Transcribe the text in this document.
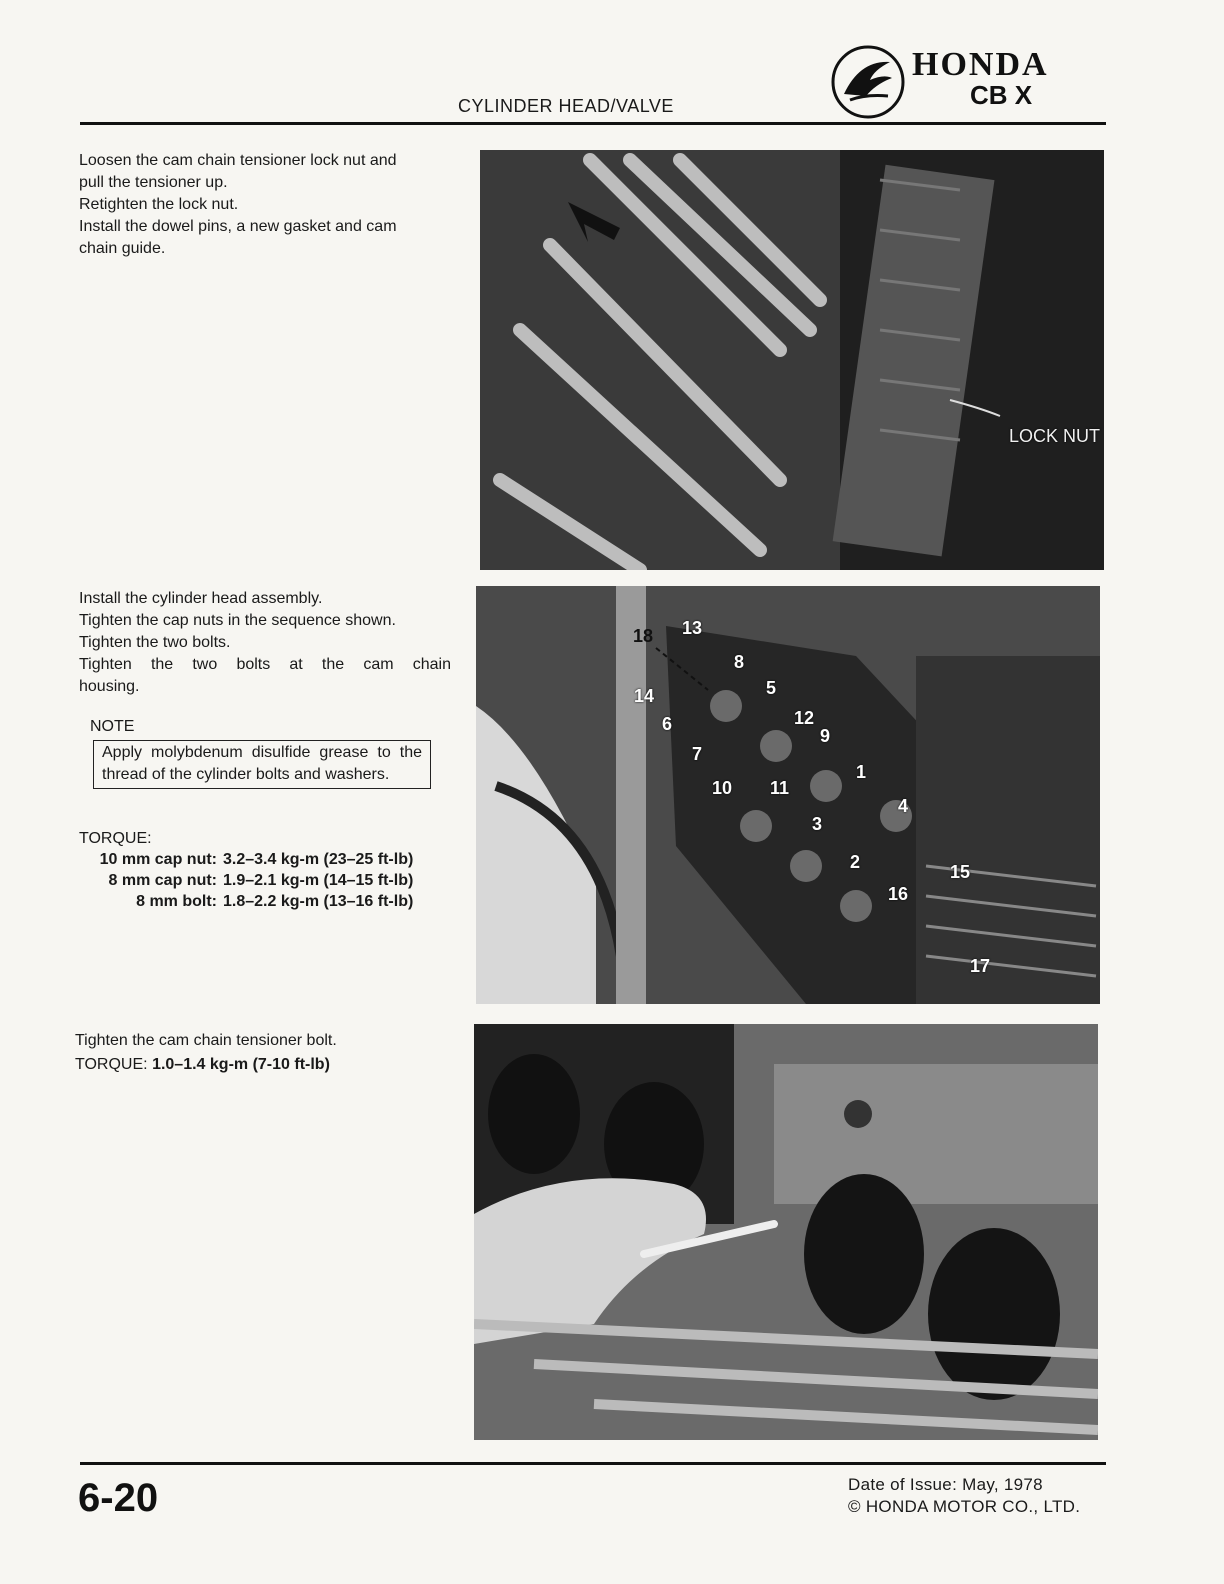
CYLINDER HEAD/VALVE
HONDA
CB X
Loosen the cam chain tensioner lock nut and
pull the tensioner up.
Retighten the lock nut.
Install the dowel pins, a new gasket and cam
chain guide.
LOCK NUT
Install the cylinder head assembly.
Tighten the cap nuts in the sequence shown.
Tighten the two bolts.
Tighten the two bolts at the cam chain
housing.
NOTE
Apply molybdenum disulfide grease to the thread of the cylinder bolts and washers.
TORQUE:
10 mm cap nut: 3.2–3.4 kg-m (23–25 ft-lb)
8 mm cap nut: 1.9–2.1 kg-m (14–15 ft-lb)
8 mm bolt: 1.8–2.2 kg-m (13–16 ft-lb)
18 13
8
5
14
6	12
9
7
1
10 11
4
3
2	15
16
17
Tighten the cam chain tensioner bolt.
TORQUE: 1.0–1.4 kg-m (7-10 ft-lb)
6-20	Date of Issue: May, 1978
© HONDA MOTOR CO., LTD.
